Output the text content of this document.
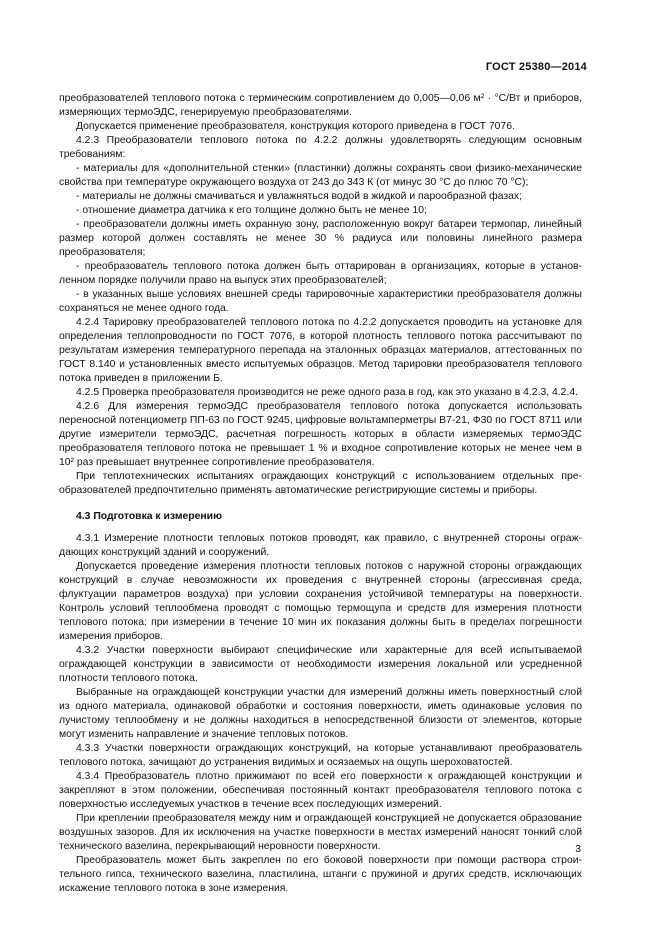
ГОСТ 25380—2014

преобразователей теплового потока с термическим сопротивлением до 0,005—0,06 м² · °С/Вт и приборов, измеряющих термоЭДС, генерируемую преобразователями.

Допускается применение преобразователя, конструкция которого приведена в ГОСТ 7076.

4.2.3 Преобразователи теплового потока по 4.2.2 должны удовлетворять следующим основным требованиям:

- материалы для «дополнительной стенки» (пластинки) должны сохранять свои физико-механические свойства при температуре окружающего воздуха от 243 до 343 К (от минус 30 °С до плюс 70 °С);

- материалы не должны смачиваться и увлажняться водой в жидкой и парообразной фазах;

- отношение диаметра датчика к его толщине должно быть не менее 10;

- преобразователи должны иметь охранную зону, расположенную вокруг батареи термопар, линейный размер которой должен составлять не менее 30 % радиуса или половины линейного размера преобразователя;

- преобразователь теплового потока должен быть оттарирован в организациях, которые в установленном порядке получили право на выпуск этих преобразователей;

- в указанных выше условиях внешней среды тарировочные характеристики преобразователя должны сохраняться не менее одного года.

4.2.4 Тарировку преобразователей теплового потока по 4.2.2 допускается проводить на установке для определения теплопроводности по ГОСТ 7076, в которой плотность теплового потока рассчитывают по результатам измерения температурного перепада на эталонных образцах материалов, аттестованных по ГОСТ 8.140 и установленных вместо испытуемых образцов. Метод тарировки преобразователя теплового потока приведен в приложении Б.

4.2.5 Проверка преобразователя производится не реже одного раза в год, как это указано в 4.2.3, 4.2.4.

4.2.6 Для измерения термоЭДС преобразователя теплового потока допускается использовать переносной потенциометр ПП-63 по ГОСТ 9245, цифровые вольтамперметры В7-21, Ф30 по ГОСТ 8711 или другие измерители термоЭДС, расчетная погрешность которых в области измеряемых термоЭДС преобразователя теплового потока не превышает 1 % и входное сопротивление которых не менее чем в 10² раз превышает внутреннее сопротивление преобразователя.

При теплотехнических испытаниях ограждающих конструкций с использованием отдельных преобразователей предпочтительно применять автоматические регистрирующие системы и приборы.

4.3 Подготовка к измерению

4.3.1 Измерение плотности тепловых потоков проводят, как правило, с внутренней стороны ограждающих конструкций зданий и сооружений.

Допускается проведение измерения плотности тепловых потоков с наружной стороны ограждающих конструкций в случае невозможности их проведения с внутренней стороны (агрессивная среда, флуктуации параметров воздуха) при условии сохранения устойчивой температуры на поверхности. Контроль условий теплообмена проводят с помощью термощупа и средств для измерения плотности теплового потока: при измерении в течение 10 мин их показания должны быть в пределах погрешности измерения приборов.

4.3.2 Участки поверхности выбирают специфические или характерные для всей испытываемой ограждающей конструкции в зависимости от необходимости измерения локальной или усредненной плотности теплового потока.

Выбранные на ограждающей конструкции участки для измерений должны иметь поверхностный слой из одного материала, одинаковой обработки и состояния поверхности, иметь одинаковые условия по лучистому теплообмену и не должны находиться в непосредственной близости от элементов, которые могут изменить направление и значение тепловых потоков.

4.3.3 Участки поверхности ограждающих конструкций, на которые устанавливают преобразователь теплового потока, зачищают до устранения видимых и осязаемых на ощупь шероховатостей.

4.3.4 Преобразователь плотно прижимают по всей его поверхности к ограждающей конструкции и закрепляют в этом положении, обеспечивая постоянный контакт преобразователя теплового потока с поверхностью исследуемых участков в течение всех последующих измерений.

При креплении преобразователя между ним и ограждающей конструкцией не допускается образование воздушных зазоров. Для их исключения на участке поверхности в местах измерений наносят тонкий слой технического вазелина, перекрывающий неровности поверхности.

Преобразователь может быть закреплен по его боковой поверхности при помощи раствора строительного гипса, технического вазелина, пластилина, штанги с пружиной и других средств, исключающих искажение теплового потока в зоне измерения.

3
